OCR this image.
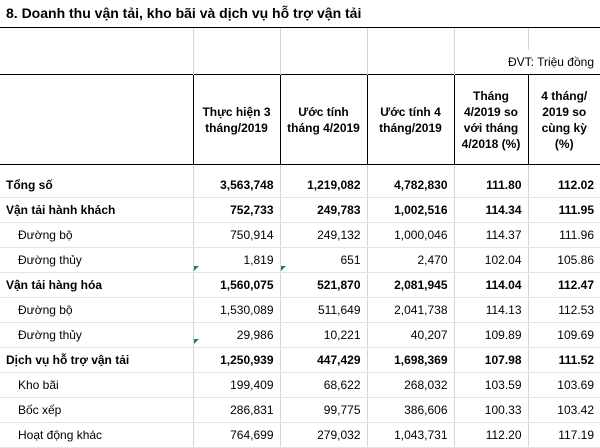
8. Doanh thu vận tải, kho bãi và dịch vụ hỗ trợ vận tải

				ĐVT: Triệu đồng	
	Thực hiện 3 tháng/2019	Ước tính tháng 4/2019	Ước tính 4 tháng/2019	Tháng 4/2019 so với tháng 4/2018 (%)	4 tháng/ 2019 so cùng kỳ (%)

Tổng số	3,563,748	1,219,082	4,782,830	111.80	112.02
Vận tải hành khách	752,733	249,783	1,002,516	114.34	111.95
Đường bộ	750,914	249,132	1,000,046	114.37	111.96
Đường thủy	1,819	651	2,470	102.04	105.86
Vận tải hàng hóa	1,560,075	521,870	2,081,945	114.04	112.47
Đường bộ	1,530,089	511,649	2,041,738	114.13	112.53
Đường thủy	29,986	10,221	40,207	109.89	109.69
Dịch vụ hỗ trợ vận tải	1,250,939	447,429	1,698,369	107.98	111.52
Kho bãi	199,409	68,622	268,032	103.59	103.69
Bốc xếp	286,831	99,775	386,606	100.33	103.42
Hoạt động khác	764,699	279,032	1,043,731	112.20	117.19
